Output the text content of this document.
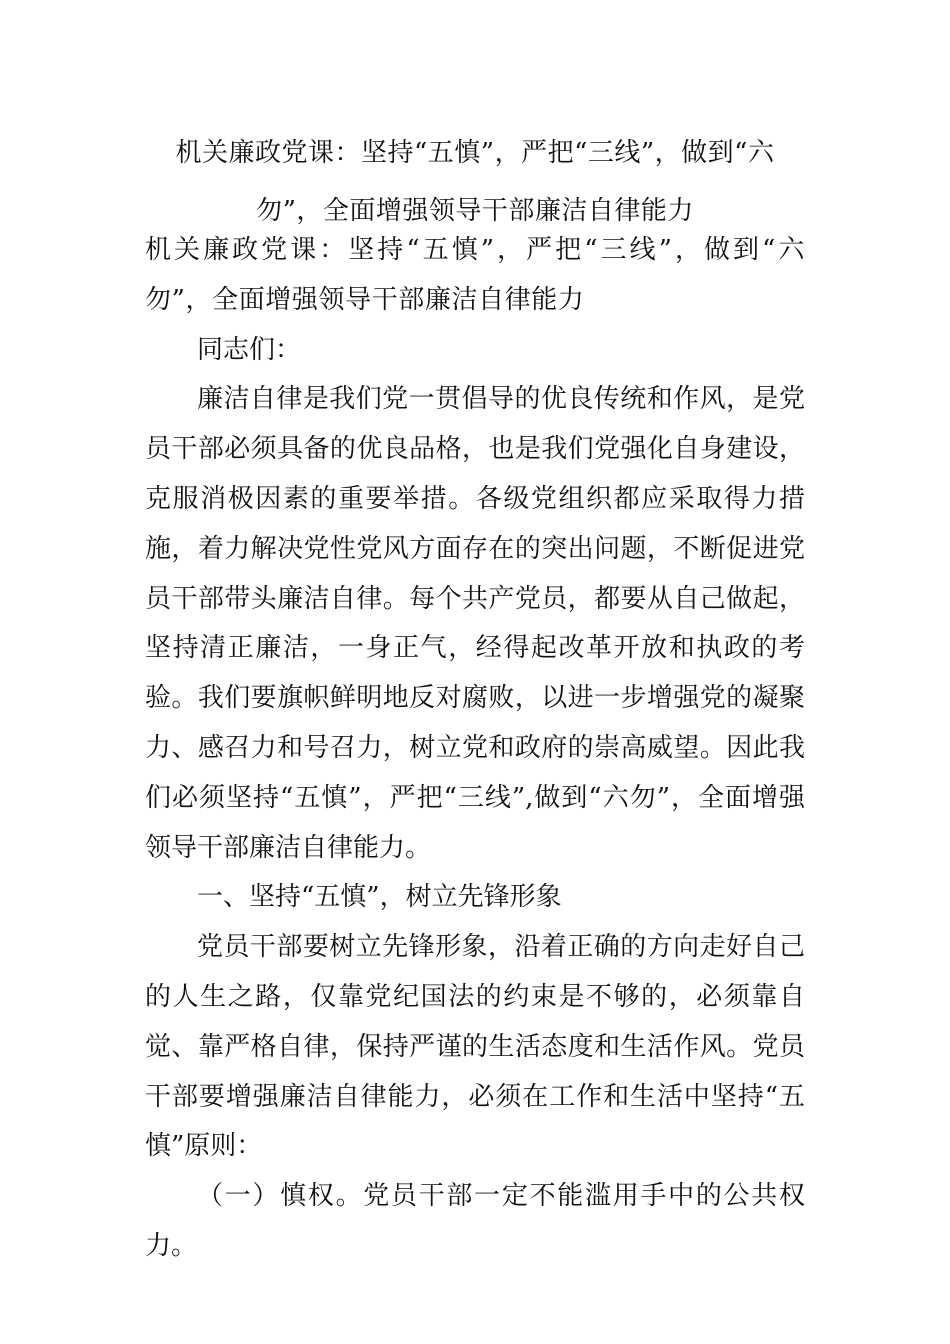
机关廉政党课：坚持“五慎”，严把“三线”，做到“六
勿”，全面增强领导干部廉洁自律能力

机关廉政党课：坚持“五慎”，严把“三线”，做到“六勿”，全面增强领导干部廉洁自律能力

同志们：

廉洁自律是我们党一贯倡导的优良传统和作风，是党员干部必须具备的优良品格，也是我们党强化自身建设，克服消极因素的重要举措。各级党组织都应采取得力措施，着力解决党性党风方面存在的突出问题，不断促进党员干部带头廉洁自律。每个共产党员，都要从自己做起，坚持清正廉洁，一身正气，经得起改革开放和执政的考验。我们要旗帜鲜明地反对腐败，以进一步增强党的凝聚力、感召力和号召力，树立党和政府的崇高威望。因此我们必须坚持“五慎”，严把“三线”,做到“六勿”，全面增强领导干部廉洁自律能力。

一、坚持“五慎”，树立先锋形象

党员干部要树立先锋形象，沿着正确的方向走好自己的人生之路，仅靠党纪国法的约束是不够的，必须靠自觉、靠严格自律，保持严谨的生活态度和生活作风。党员干部要增强廉洁自律能力，必须在工作和生活中坚持“五慎”原则：

（一）慎权。党员干部一定不能滥用手中的公共权力。
